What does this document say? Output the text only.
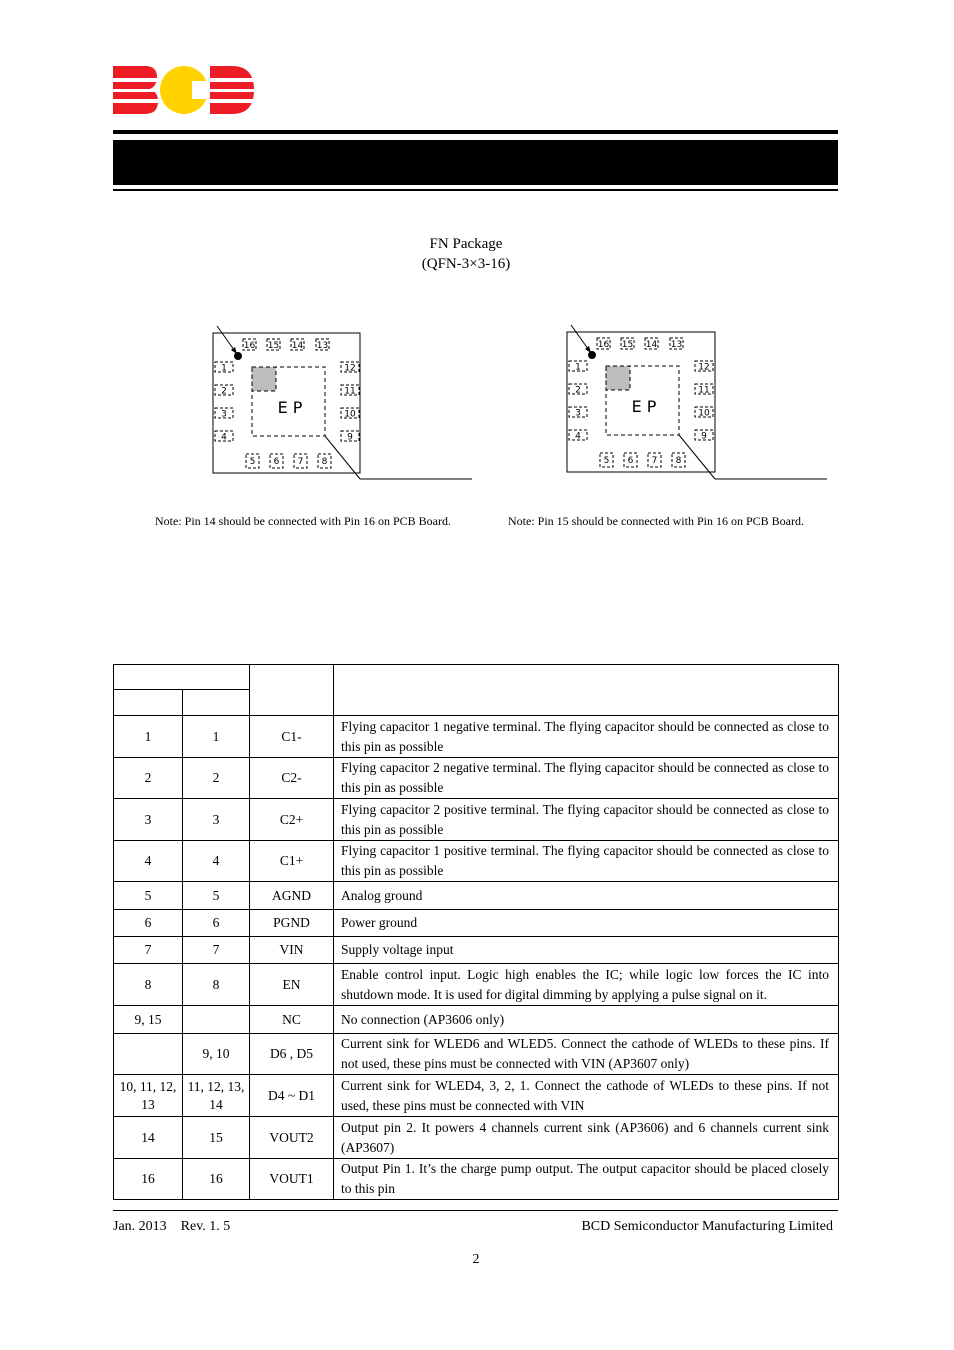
FN Package
(QFN-3×3-16)
E P
16 15 14 13
1
2
3
4
12
11
10
9
5 6 7 8
E P
16 15 14 13
1
2
3
4
12
11
10
9
5 6 7 8
Note: Pin 14 should be connected with Pin 16 on PCB Board.	Note: Pin 15 should be connected with Pin 16 on PCB Board.

1	1	C1-	Flying capacitor 1 negative terminal. The flying capacitor should be connected as close to this pin as possible
2	2	C2-	Flying capacitor 2 negative terminal. The flying capacitor should be connected as close to this pin as possible
3	3	C2+	Flying capacitor 2 positive terminal. The flying capacitor should be connected as close to this pin as possible
4	4	C1+	Flying capacitor 1 positive terminal. The flying capacitor should be connected as close to this pin as possible
5	5	AGND	Analog ground
6	6	PGND	Power ground
7	7	VIN	Supply voltage input
8	8	EN	Enable control input. Logic high enables the IC; while logic low forces the IC into shutdown mode. It is used for digital dimming by applying a pulse signal on it.
9, 15		NC	No connection (AP3606 only)
	9, 10	D6 , D5	Current sink for WLED6 and WLED5. Connect the cathode of WLEDs to these pins. If not used, these pins must be connected with VIN (AP3607 only)
10, 11, 12, 13	11, 12, 13, 14	D4 ~ D1	Current sink for WLED4, 3, 2, 1. Connect the cathode of WLEDs to these pins. If not used, these pins must be connected with VIN
14	15	VOUT2	Output pin 2. It powers 4 channels current sink (AP3606) and 6 channels current sink (AP3607)
16	16	VOUT1	Output Pin 1. It’s the charge pump output. The output capacitor should be placed closely to this pin
Jan. 2013    Rev. 1. 5	BCD Semiconductor Manufacturing Limited
2
